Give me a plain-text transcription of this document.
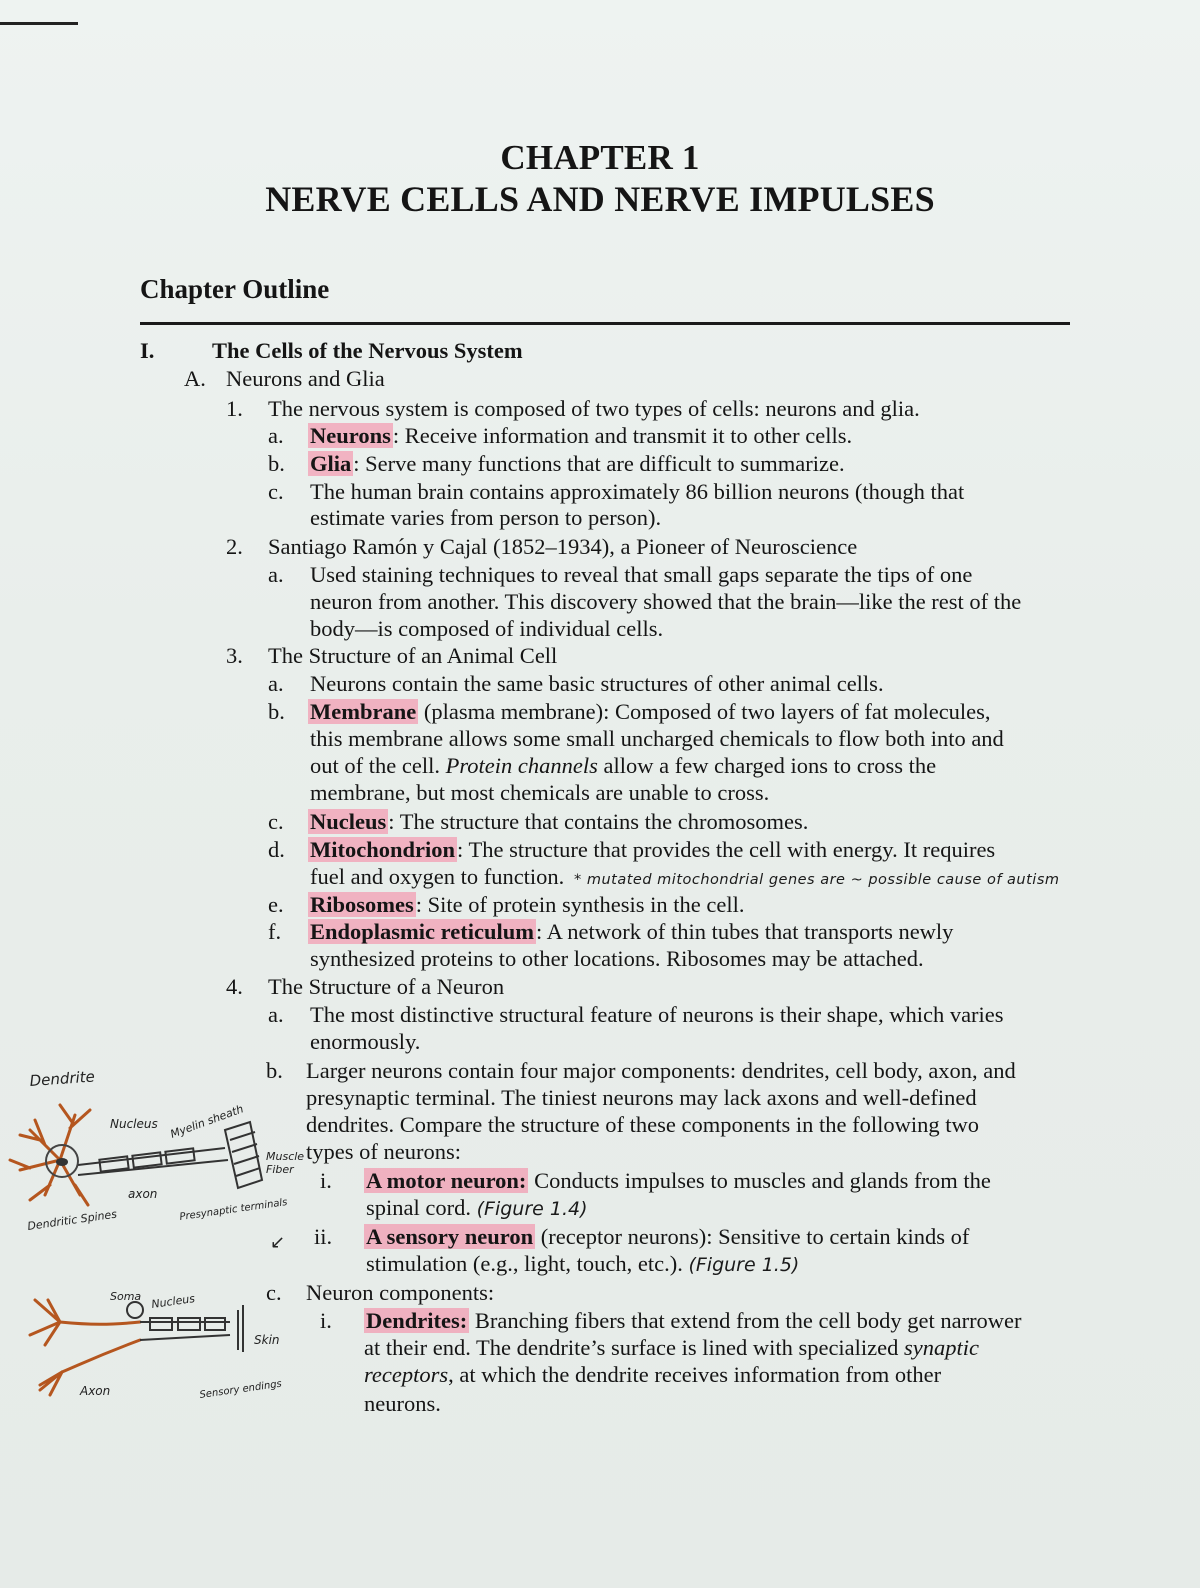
CHAPTER 1
NERVE CELLS AND NERVE IMPULSES
Chapter Outline
I.	The Cells of the Nervous System
A. Neurons and Glia
1. The nervous system is composed of two types of cells: neurons and glia.
a. Neurons: Receive information and transmit it to other cells.
b. Glia: Serve many functions that are difficult to summarize.
c. The human brain contains approximately 86 billion neurons (though that
estimate varies from person to person).
2. Santiago Ramón y Cajal (1852–1934), a Pioneer of Neuroscience
a. Used staining techniques to reveal that small gaps separate the tips of one
neuron from another. This discovery showed that the brain—like the rest of the
body—is composed of individual cells.
3. The Structure of an Animal Cell
a. Neurons contain the same basic structures of other animal cells.
b. Membrane (plasma membrane): Composed of two layers of fat molecules,
this membrane allows some small uncharged chemicals to flow both into and
out of the cell. Protein channels allow a few charged ions to cross the
membrane, but most chemicals are unable to cross.
c. Nucleus: The structure that contains the chromosomes.
d. Mitochondrion: The structure that provides the cell with energy. It requires
fuel and oxygen to function. * mutated mitochondrial genes are ~ possible cause of autism
e. Ribosomes: Site of protein synthesis in the cell.
f. Endoplasmic reticulum: A network of thin tubes that transports newly
synthesized proteins to other locations. Ribosomes may be attached.
4. The Structure of a Neuron
a. The most distinctive structural feature of neurons is their shape, which varies
enormously.
b. Larger neurons contain four major components: dendrites, cell body, axon, and
presynaptic terminal. The tiniest neurons may lack axons and well-defined
dendrites. Compare the structure of these components in the following two
types of neurons:
i. A motor neuron: Conducts impulses to muscles and glands from the
spinal cord. (Figure 1.4)
ii. A sensory neuron (receptor neurons): Sensitive to certain kinds of
stimulation (e.g., light, touch, etc.). (Figure 1.5)
c. Neuron components:
i. Dendrites: Branching fibers that extend from the cell body get narrower
at their end. The dendrite’s surface is lined with specialized synaptic
receptors, at which the dendrite receives information from other
neurons.
Muscle Fiber
↙
Dendrite
Nucleus Myelin sheath
axon
Presynaptic terminals
Dendritic Spines
Soma Nucleus
Axon
Skin
Sensory endings
